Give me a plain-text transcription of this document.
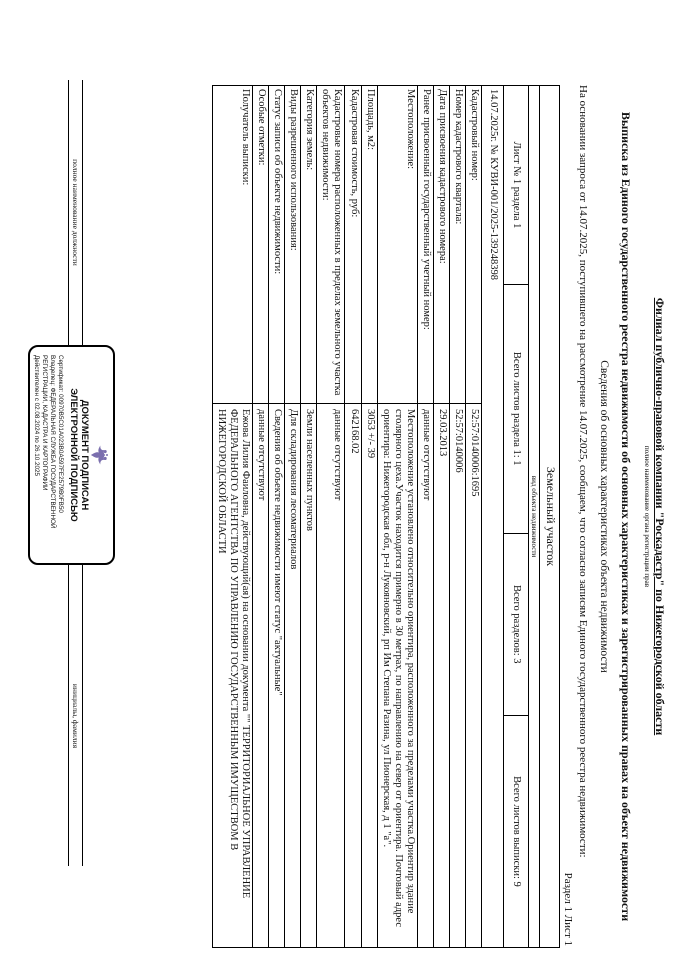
Филиал публично-правовой компании "Роскадастр" по Нижегородской области
полное наименование органа регистрации прав
Выписка из Единого государственного реестра недвижимости об основных характеристиках и зарегистрированных правах на объект недвижимости
Сведения об основных характеристиках объекта недвижимости
На основании запроса от 14.07.2025, поступившего на рассмотрение 14.07.2025, сообщаем, что согласно записям Единого государственного реестра недвижимости:
Раздел 1 Лист 1
Земельный участок
вид объекта недвижимости
Лист № 1 раздела 1
Всего листов раздела 1: 1
Всего разделов: 3
Всего листов выписки: 9
14.07.2025г. № КУВИ-001/2025-139248398
Кадастровый номер:
52:57:0140006:1695
Номер кадастрового квартала:
52:57:0140006
Дата присвоения кадастрового номера:
29.03.2013
Ранее присвоенный государственный учетный номер:
данные отсутствуют
Местоположение:
Местоположение установлено относительно ориентира, расположенного за пределами участка.Ориентир здание столярного цеха.Участок находится примерно в 30 метрах, по направлению на север от ориентира. Почтовый адрес ориентира: Нижегородская обл, р-н Лукояновский, рп Им Степана Разина, ул Пионерская, д 1 "а".
Площадь, м2:
3053 +/- 39
Кадастровая стоимость, руб:
642168.02
Кадастровые номера расположенных в пределах земельного участка объектов недвижимости:
данные отсутствуют
Категория земель:
Земли населенных пунктов
Виды разрешенного использования:
Для складирования лесоматериалов
Статус записи об объекте недвижимости:
Сведения об объекте недвижимости имеют статус "актуальные"
Особые отметки:
данные отсутствуют
Получатель выписки:
Ежова Лилия Фаиловна, действующий(ая) на основании документа "" ТЕРРИТОРИАЛЬНОЕ УПРАВЛЕНИЕ ФЕДЕРАЛЬНОГО АГЕНТСТВА ПО УПРАВЛЕНИЮ ГОСУДАРСТВЕННЫМ ИМУЩЕСТВОМ В НИЖЕГОРОДСКОЙ ОБЛАСТИ
полное наименование должности
инициалы, фамилия
ДОКУМЕНТ ПОДПИСАН
ЭЛЕКТРОННОЙ ПОДПИСЬЮ
Сертификат: 00970B5C01A023B0A597FE2579B0FB50
Владелец: ФЕДЕРАЛЬНАЯ СЛУЖБА ГОСУДАРСТВЕННОЙ РЕГИСТРАЦИИ, КАДАСТРА И КАРТОГРАФИИ
Действителен с 02.08.2024 по 26.10.2025
